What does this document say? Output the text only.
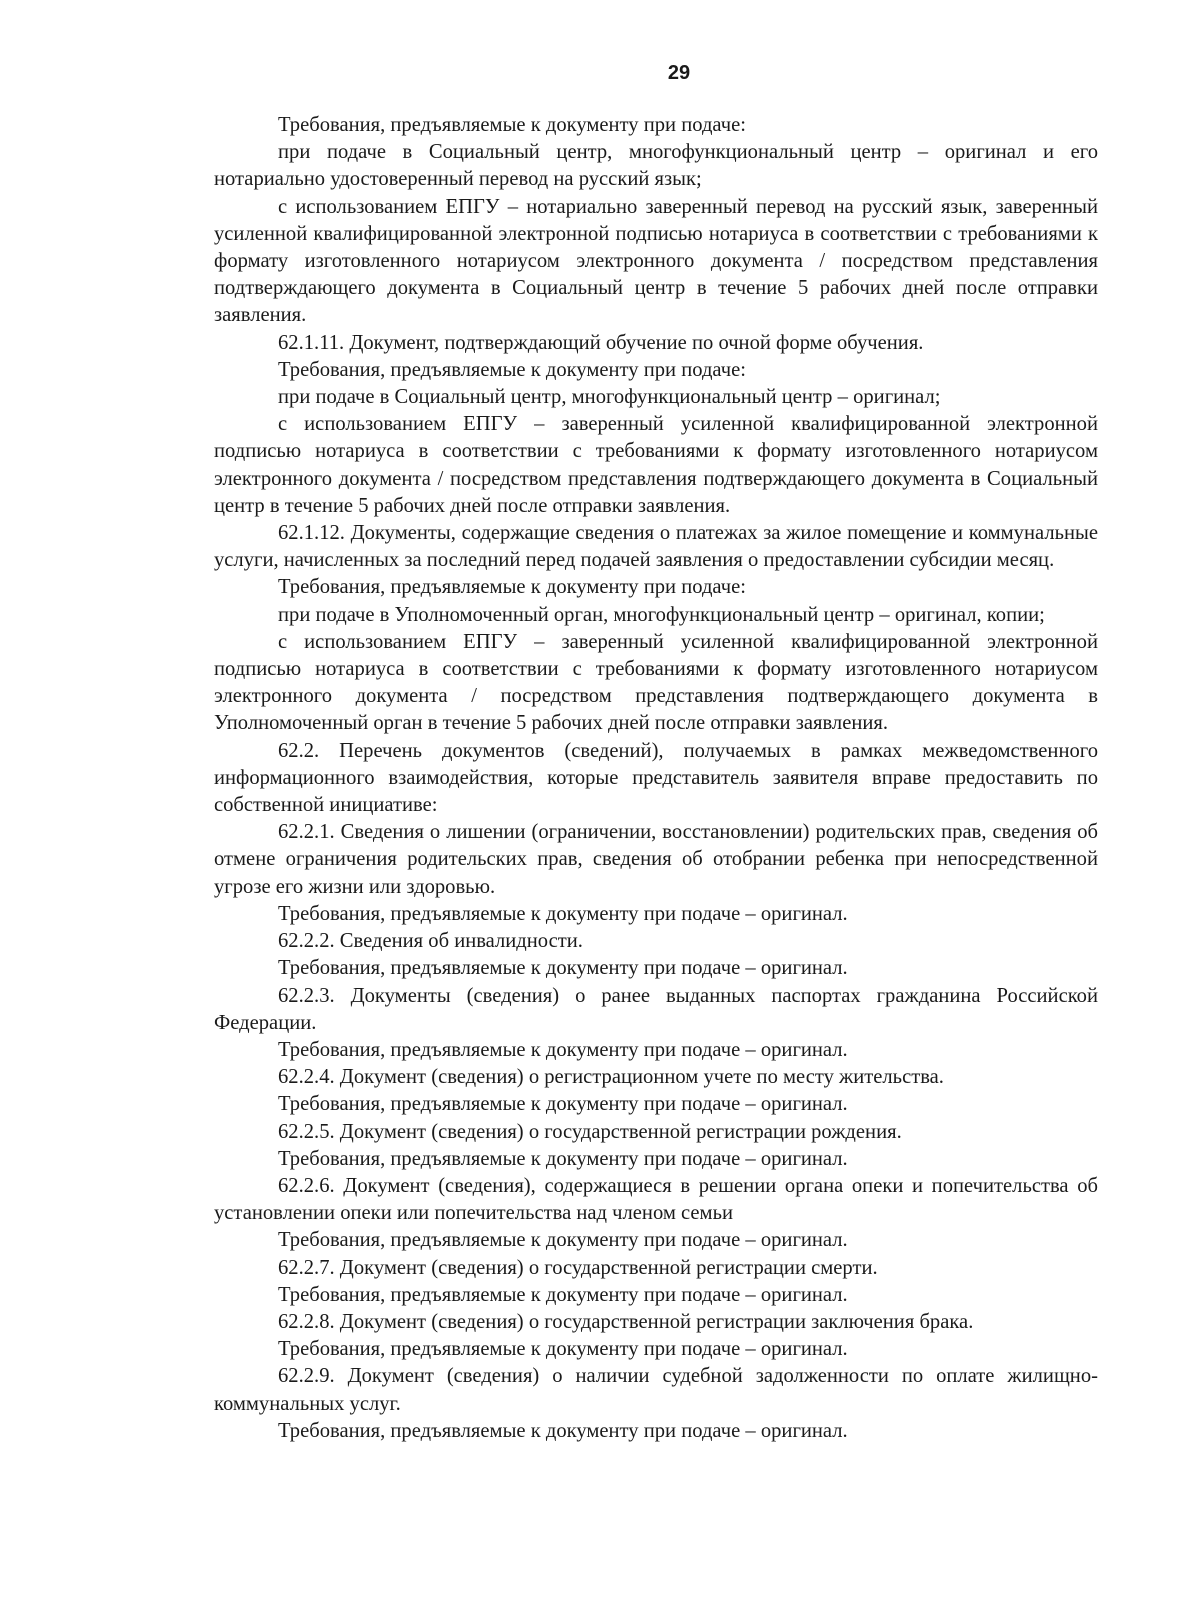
29

Требования, предъявляемые к документу при подаче:

при подаче в Социальный центр, многофункциональный центр – оригинал и его нотариально удостоверенный перевод на русский язык;

с использованием ЕПГУ – нотариально заверенный перевод на русский язык, заверенный усиленной квалифицированной электронной подписью нотариуса в соответствии с требованиями к формату изготовленного нотариусом электронного документа / посредством представления подтверждающего документа в Социальный центр в течение 5 рабочих дней после отправки заявления.

62.1.11. Документ, подтверждающий обучение по очной форме обучения.

Требования, предъявляемые к документу при подаче:

при подаче в Социальный центр, многофункциональный центр – оригинал;

с использованием ЕПГУ – заверенный усиленной квалифицированной электронной подписью нотариуса в соответствии с требованиями к формату изготовленного нотариусом электронного документа / посредством представления подтверждающего документа в Социальный центр в течение 5 рабочих дней после отправки заявления.

62.1.12. Документы, содержащие сведения о платежах за жилое помещение и коммунальные услуги, начисленных за последний перед подачей заявления о предоставлении субсидии месяц.

Требования, предъявляемые к документу при подаче:

при подаче в Уполномоченный орган, многофункциональный центр – оригинал, копии;

с использованием ЕПГУ – заверенный усиленной квалифицированной электронной подписью нотариуса в соответствии с требованиями к формату изготовленного нотариусом электронного документа / посредством представления подтверждающего документа в Уполномоченный орган в течение 5 рабочих дней после отправки заявления.

62.2. Перечень документов (сведений), получаемых в рамках межведомственного информационного взаимодействия, которые представитель заявителя вправе предоставить по собственной инициативе:

62.2.1. Сведения о лишении (ограничении, восстановлении) родительских прав, сведения об отмене ограничения родительских прав, сведения об отобрании ребенка при непосредственной угрозе его жизни или здоровью.

Требования, предъявляемые к документу при подаче – оригинал.

62.2.2. Сведения об инвалидности.

Требования, предъявляемые к документу при подаче – оригинал.

62.2.3. Документы (сведения) о ранее выданных паспортах гражданина Российской Федерации.

Требования, предъявляемые к документу при подаче – оригинал.

62.2.4. Документ (сведения) о регистрационном учете по месту жительства.

Требования, предъявляемые к документу при подаче – оригинал.

62.2.5. Документ (сведения) о государственной регистрации рождения.

Требования, предъявляемые к документу при подаче – оригинал.

62.2.6. Документ (сведения), содержащиеся в решении органа опеки и попечительства об установлении опеки или попечительства над членом семьи

Требования, предъявляемые к документу при подаче – оригинал.

62.2.7. Документ (сведения) о государственной регистрации смерти.

Требования, предъявляемые к документу при подаче – оригинал.

62.2.8. Документ (сведения) о государственной регистрации заключения брака.

Требования, предъявляемые к документу при подаче – оригинал.

62.2.9. Документ (сведения) о наличии судебной задолженности по оплате жилищно-коммунальных услуг.

Требования, предъявляемые к документу при подаче – оригинал.
